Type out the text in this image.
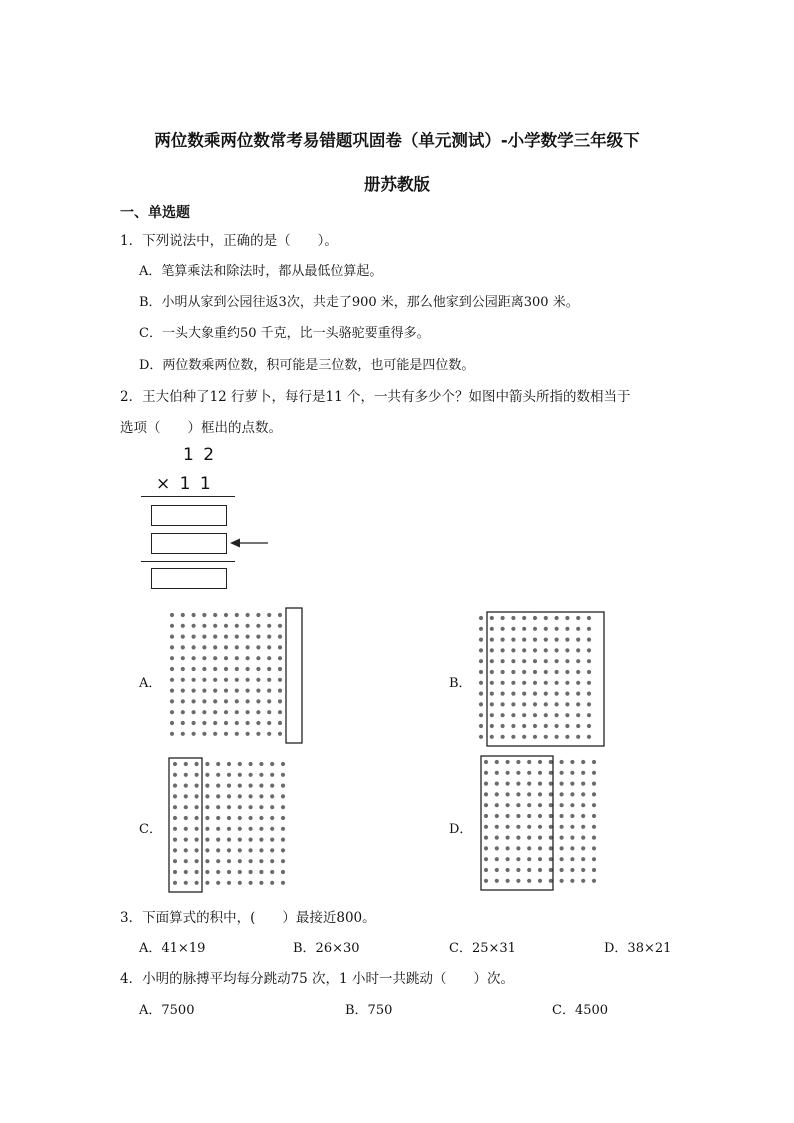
两位数乘两位数常考易错题巩固卷（单元测试）-小学数学三年级下
册苏教版
一、单选题
1．下列说法中，正确的是（　　）。
A．笔算乘法和除法时，都从最低位算起。
B．小明从家到公园往返3次，共走了900 米，那么他家到公园距离300 米。
C．一头大象重约50 千克，比一头骆驼要重得多。
D．两位数乘两位数，积可能是三位数，也可能是四位数。
2．王大伯种了12 行萝卜，每行是11 个，一共有多少个？如图中箭头所指的数相当于
选项（　　）框出的点数。
1 2
× 1 1
A．	B．
C．	D．
3．下面算式的积中，(　　）最接近800。
A．41×19	B．26×30	C．25×31	D．38×21
4．小明的脉搏平均每分跳动75 次，1 小时一共跳动（　　）次。
A．7500	B．750	C．4500
